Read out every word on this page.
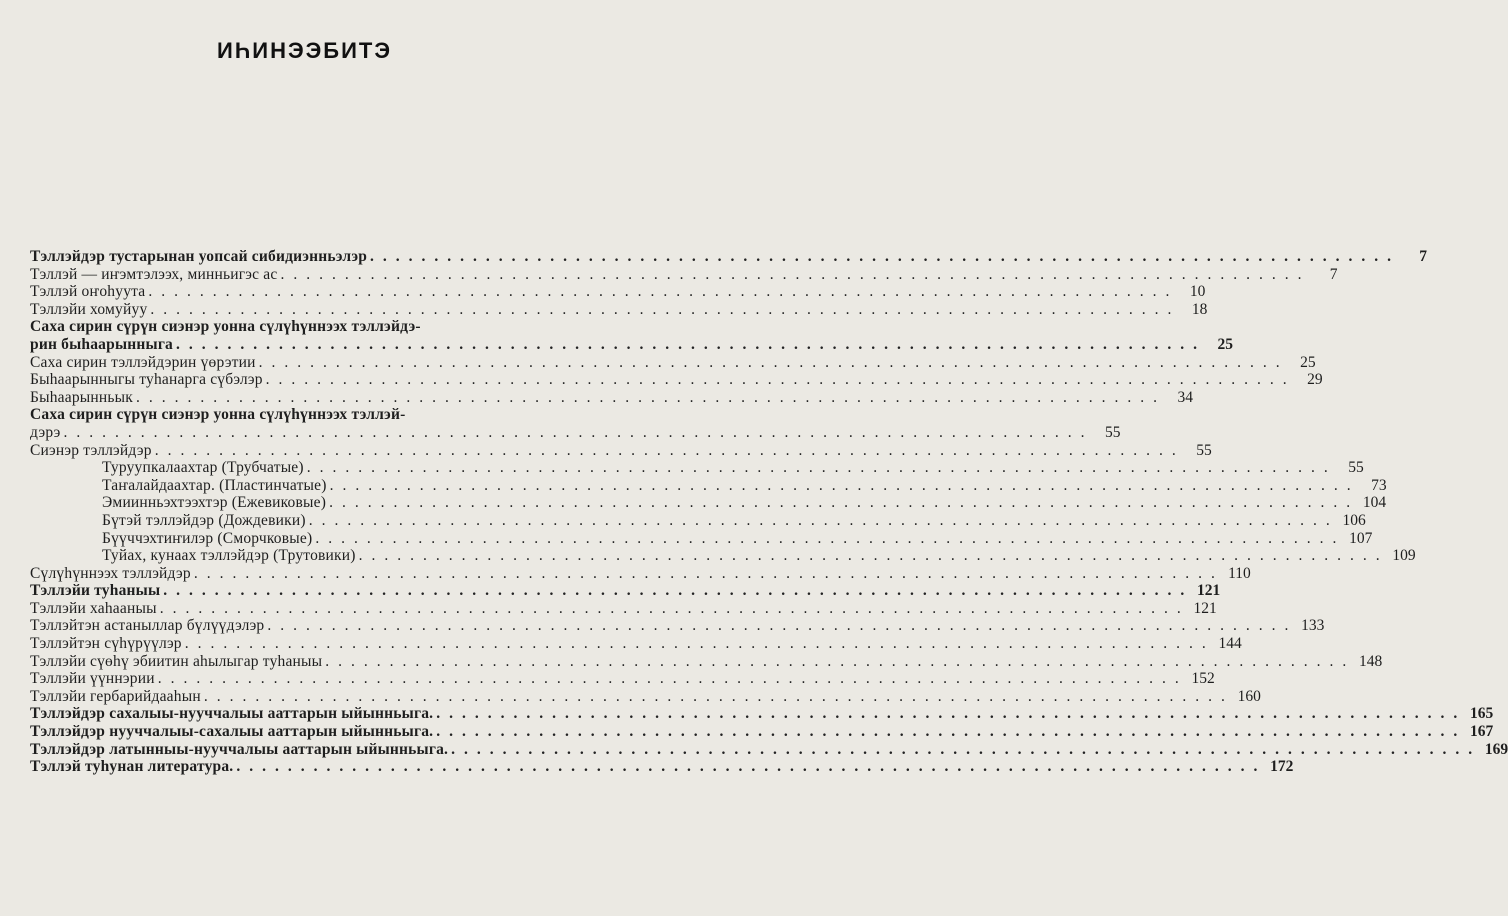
ИҺИНЭЭБИТЭ
Тэллэйдэр тустарынан уопсай сибидиэнньэлэр ................................................................................	7
Тэллэй — иҥэмтэлээх, минньигэс ас ................................................................................	7
Тэллэй оҥоһуута ................................................................................ 10
Тэллэйи хомуйуу ................................................................................ 18
Саха сирин сүрүн сиэнэр уонна сүлүһүннээх тэллэйдэ-
рин быһаарынныга ................................................................................ 25
Саха сирин тэллэйдэрин үөрэтии ................................................................................ 25
Быһаарынныгы туһанарга сүбэлэр ................................................................................ 29
Быһаарынньык ................................................................................ 34
Саха сирин сүрүн сиэнэр уонна сүлүһүннээх тэллэй-
дэрэ ................................................................................ 55
Сиэнэр тэллэйдэр ................................................................................ 55
Туруупкалаахтар (Трубчатые) ................................................................................ 55
Таҥалайдаахтар. (Пластинчатые) ................................................................................ 73
Эмиинньэхтээхтэр (Ежевиковые) ................................................................................ 104
Бүтэй тэллэйдэр (Дождевики) ................................................................................ 106
Бүүччэхтиҥилэр (Сморчковые) ................................................................................ 107
Туйах, кунаах тэллэйдэр (Трутовики) ................................................................................ 109
Сүлүһүннээх тэллэйдэр ................................................................................ 110
Тэллэйи туһаныы ................................................................................ 121
Тэллэйи хаһааныы ................................................................................ 121
Тэллэйтэн астаныллар бүлүүдэлэр ................................................................................ 133
Тэллэйтэн сүһүрүүлэр ................................................................................ 144
Тэллэйи сүөһү эбиитин аһылыгар туһаныы ................................................................................ 148
Тэллэйи үүннэрии ................................................................................ 152
Тэллэйи гербарийдааһын ................................................................................ 160
Тэллэйдэр сахалыы-нууччалыы ааттарын ыйынньыга. ................................................................................ 165
Тэллэйдэр нууччалыы-сахалыы ааттарын ыйынньыга. ................................................................................ 167
Тэллэйдэр латынныы-нууччалыы ааттарын ыйынньыга. ................................................................................ 169
Тэллэй туһунан литература. ................................................................................ 172
